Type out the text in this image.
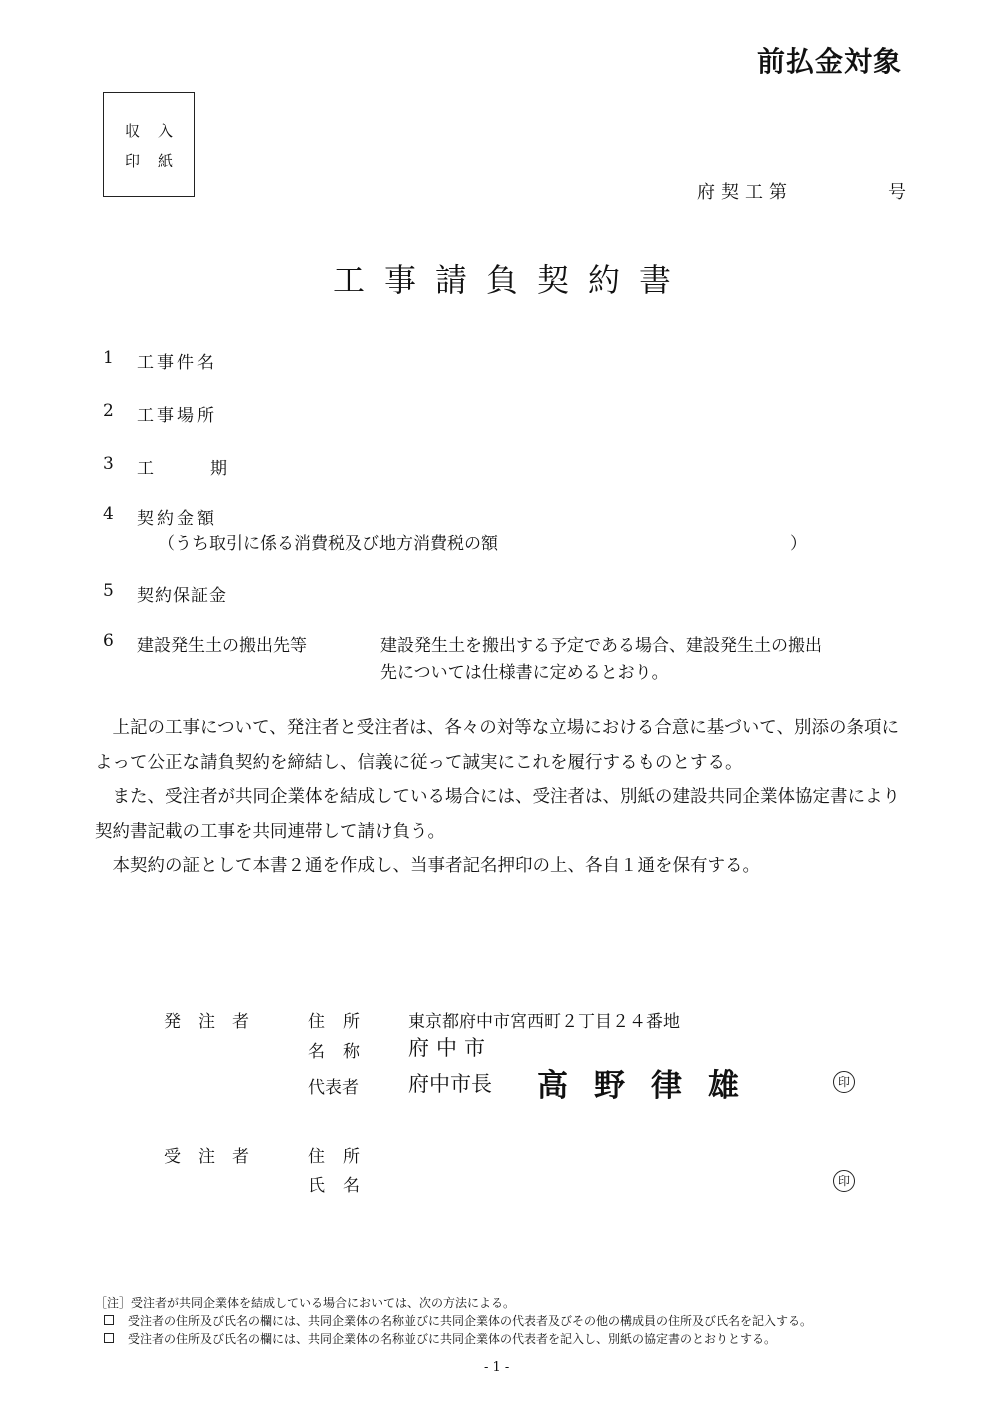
前払金対象
収入
印紙
府契工第	号
工事請負契約書
1 工事件名
2 工事場所
3 工	期
4 契約金額
（うち取引に係る消費税及び地方消費税の額	）
5 契約保証金
6 建設発生土の搬出先等	建設発生土を搬出する予定である場合、建設発生土の搬出
先については仕様書に定めるとおり。

上記の工事について、発注者と受注者は、各々の対等な立場における合意に基づいて、別添の条項によって公正な請負契約を締結し、信義に従って誠実にこれを履行するものとする。

また、受注者が共同企業体を結成している場合には、受注者は、別紙の建設共同企業体協定書により契約書記載の工事を共同連帯して請け負う。

本契約の証として本書２通を作成し、当事者記名押印の上、各自１通を保有する。

発注者 住所 東京都府中市宮西町２丁目２４番地
名称 府中市
代表者 府中市長 高野律雄	印
受注者 住所
氏名	印
［注］受注者が共同企業体を結成している場合においては、次の方法による。
受注者の住所及び氏名の欄には、共同企業体の名称並びに共同企業体の代表者及びその他の構成員の住所及び氏名を記入する。
受注者の住所及び氏名の欄には、共同企業体の名称並びに共同企業体の代表者を記入し、別紙の協定書のとおりとする。
- 1 -
